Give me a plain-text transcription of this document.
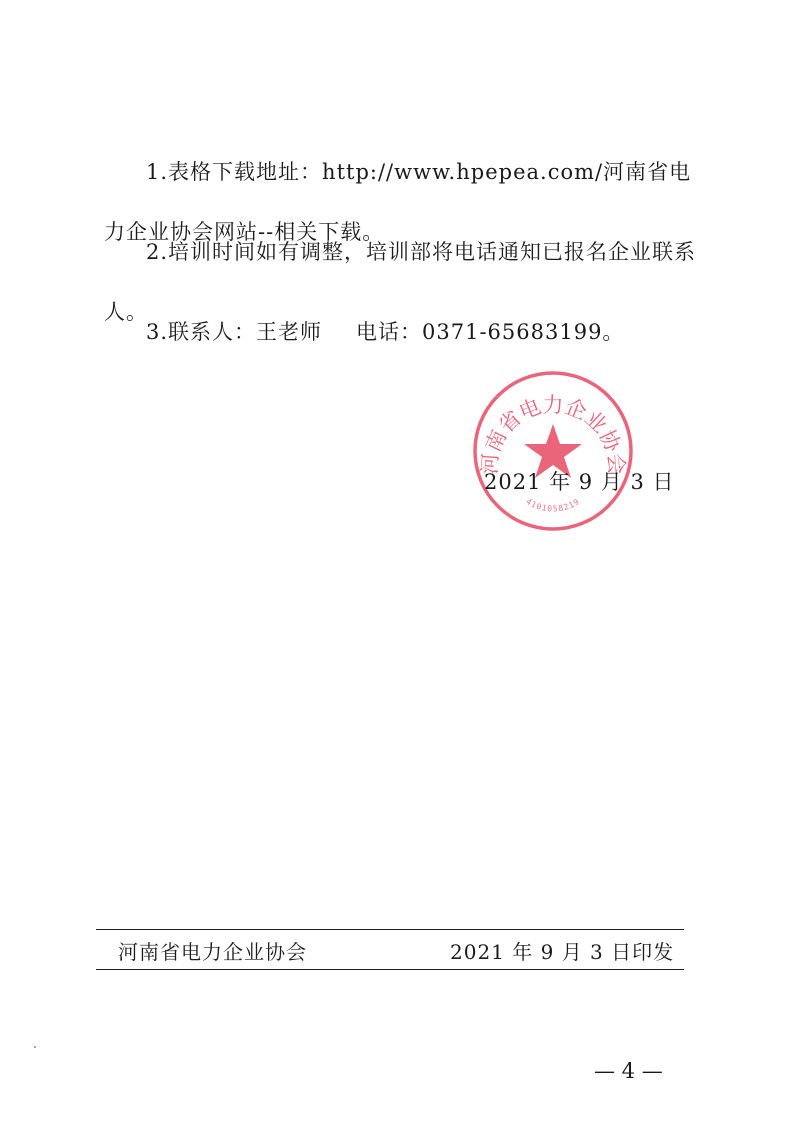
1.表格下载地址：http://www.hpepea.com/河南省电力企业协会网站--相关下载。

2.培训时间如有调整，培训部将电话通知已报名企业联系人。

3.联系人：王老师 电话：0371-65683199。
河南省电力企业协会
4101058219
2021 年 9 月 3 日
河南省电力企业协会	2021 年 9 月 3 日印发
— 4 —
